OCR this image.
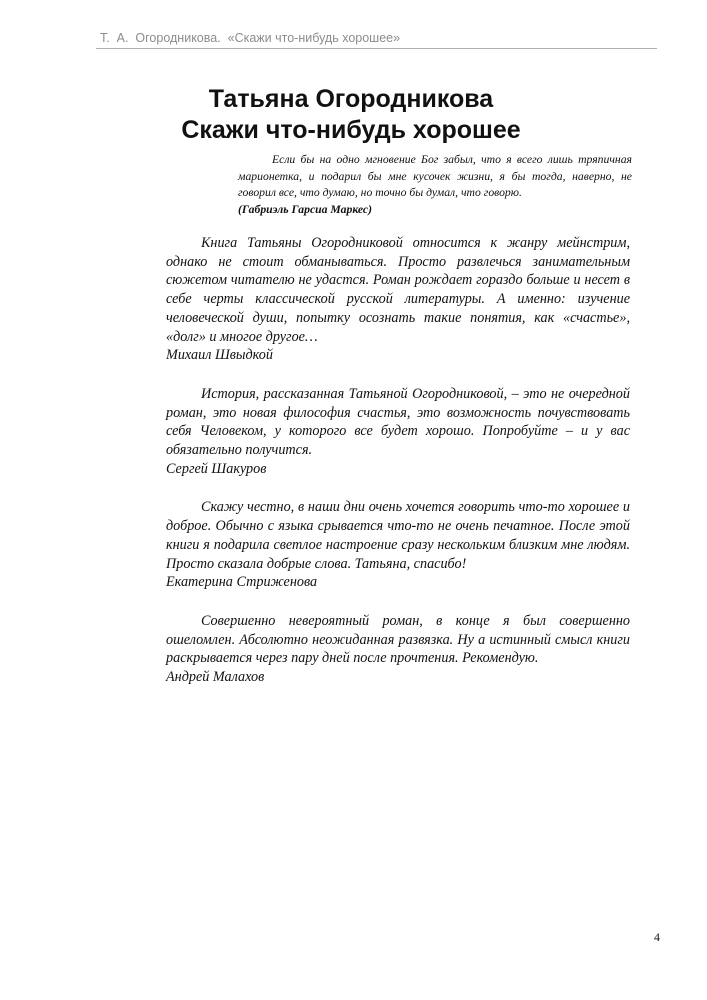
Т.  А.  Огородникова.  «Скажи что-нибудь хорошее»
Татьяна Огородникова
Скажи что-нибудь хорошее

Если бы на одно мгновение Бог забыл, что я всего лишь тряпичная марионетка, и подарил бы мне кусочек жизни, я бы тогда, наверно, не говорил все, что думаю, но точно бы думал, что говорю.

(Габриэль Гарсиа Маркес)

Книга Татьяны Огородниковой относится к жанру мейнстрим, однако не стоит обманываться. Просто развлечься занимательным сюжетом читателю не удастся. Роман рождает гораздо больше и несет в себе черты классической русской литературы. А именно: изучение человеческой души, попытку осознать такие понятия, как «счастье», «долг» и многое другое…

Михаил Швыдкой

История, рассказанная Татьяной Огородниковой, – это не очередной роман, это новая философия счастья, это возможность почувствовать себя Человеком, у которого все будет хорошо. Попробуйте – и у вас обязательно получится.

Сергей Шакуров

Скажу честно, в наши дни очень хочется говорить что-то хорошее и доброе. Обычно с языка срывается что-то не очень печатное. После этой книги я подарила светлое настроение сразу нескольким близким мне людям. Просто сказала добрые слова. Татьяна, спасибо!

Екатерина Стриженова

Совершенно невероятный роман, в конце я был совершенно ошеломлен. Абсолютно неожиданная развязка. Ну а истинный смысл книги раскрывается через пару дней после прочтения. Рекомендую.

Андрей Малахов

4
